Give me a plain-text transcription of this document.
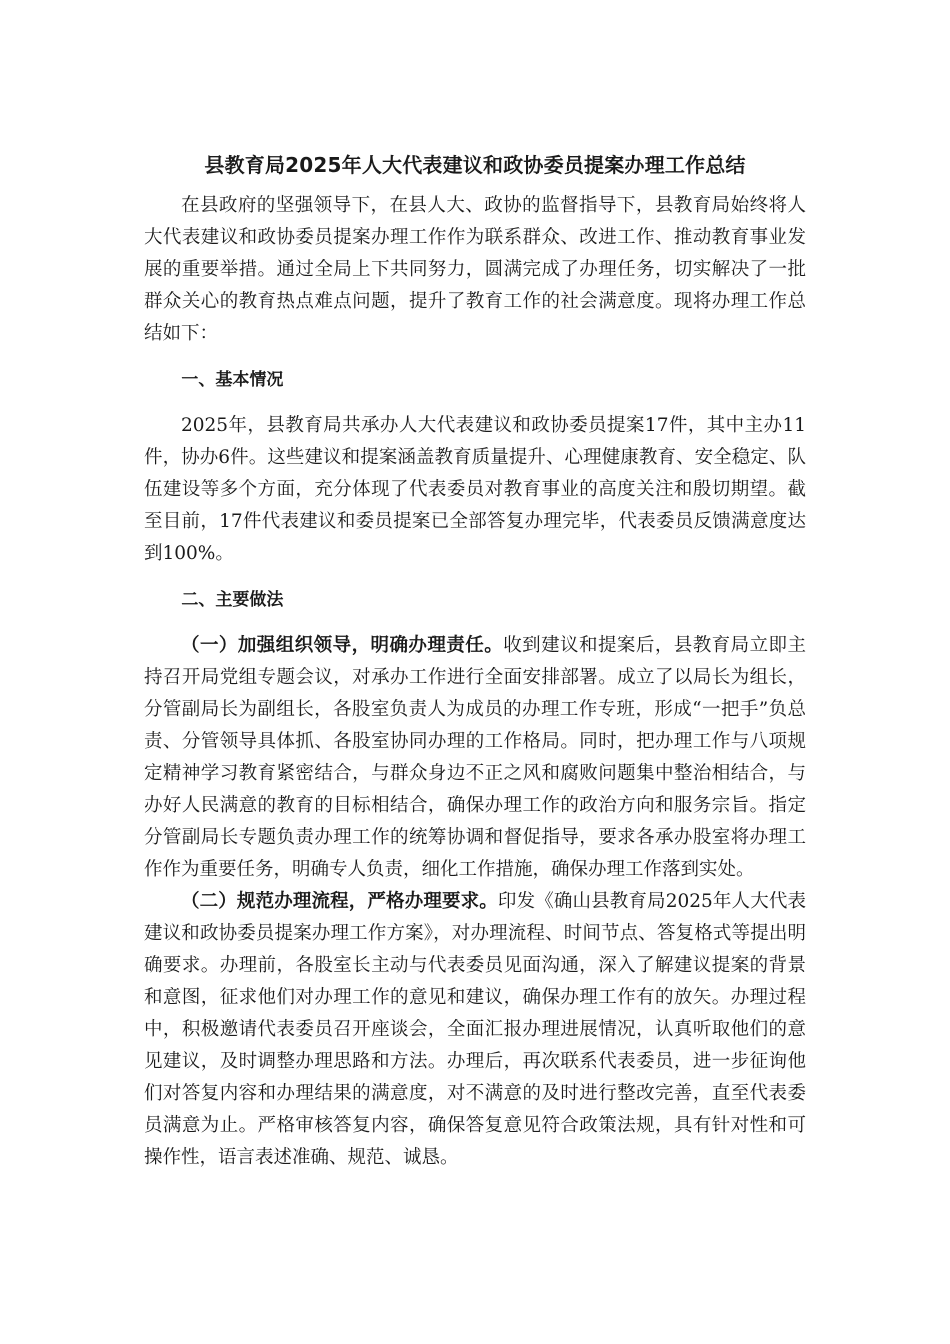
县教育局2025年人大代表建议和政协委员提案办理工作总结

在县政府的坚强领导下，在县人大、政协的监督指导下，县教育局始终将人大代表建议和政协委员提案办理工作作为联系群众、改进工作、推动教育事业发展的重要举措。通过全局上下共同努力，圆满完成了办理任务，切实解决了一批群众关心的教育热点难点问题，提升了教育工作的社会满意度。现将办理工作总结如下：

一、基本情况

2025年，县教育局共承办人大代表建议和政协委员提案17件，其中主办11件，协办6件。这些建议和提案涵盖教育质量提升、心理健康教育、安全稳定、队伍建设等多个方面，充分体现了代表委员对教育事业的高度关注和殷切期望。截至目前，17件代表建议和委员提案已全部答复办理完毕，代表委员反馈满意度达到100%。

二、主要做法

（一）加强组织领导，明确办理责任。收到建议和提案后，县教育局立即主持召开局党组专题会议，对承办工作进行全面安排部署。成立了以局长为组长，分管副局长为副组长，各股室负责人为成员的办理工作专班，形成“一把手”负总责、分管领导具体抓、各股室协同办理的工作格局。同时，把办理工作与八项规定精神学习教育紧密结合，与群众身边不正之风和腐败问题集中整治相结合，与办好人民满意的教育的目标相结合，确保办理工作的政治方向和服务宗旨。指定分管副局长专题负责办理工作的统筹协调和督促指导，要求各承办股室将办理工作作为重要任务，明确专人负责，细化工作措施，确保办理工作落到实处。

（二）规范办理流程，严格办理要求。印发《确山县教育局2025年人大代表建议和政协委员提案办理工作方案》，对办理流程、时间节点、答复格式等提出明确要求。办理前，各股室长主动与代表委员见面沟通，深入了解建议提案的背景和意图，征求他们对办理工作的意见和建议，确保办理工作有的放矢。办理过程中，积极邀请代表委员召开座谈会，全面汇报办理进展情况，认真听取他们的意见建议，及时调整办理思路和方法。办理后，再次联系代表委员，进一步征询他们对答复内容和办理结果的满意度，对不满意的及时进行整改完善，直至代表委员满意为止。严格审核答复内容，确保答复意见符合政策法规，具有针对性和可操作性，语言表述准确、规范、诚恳。
